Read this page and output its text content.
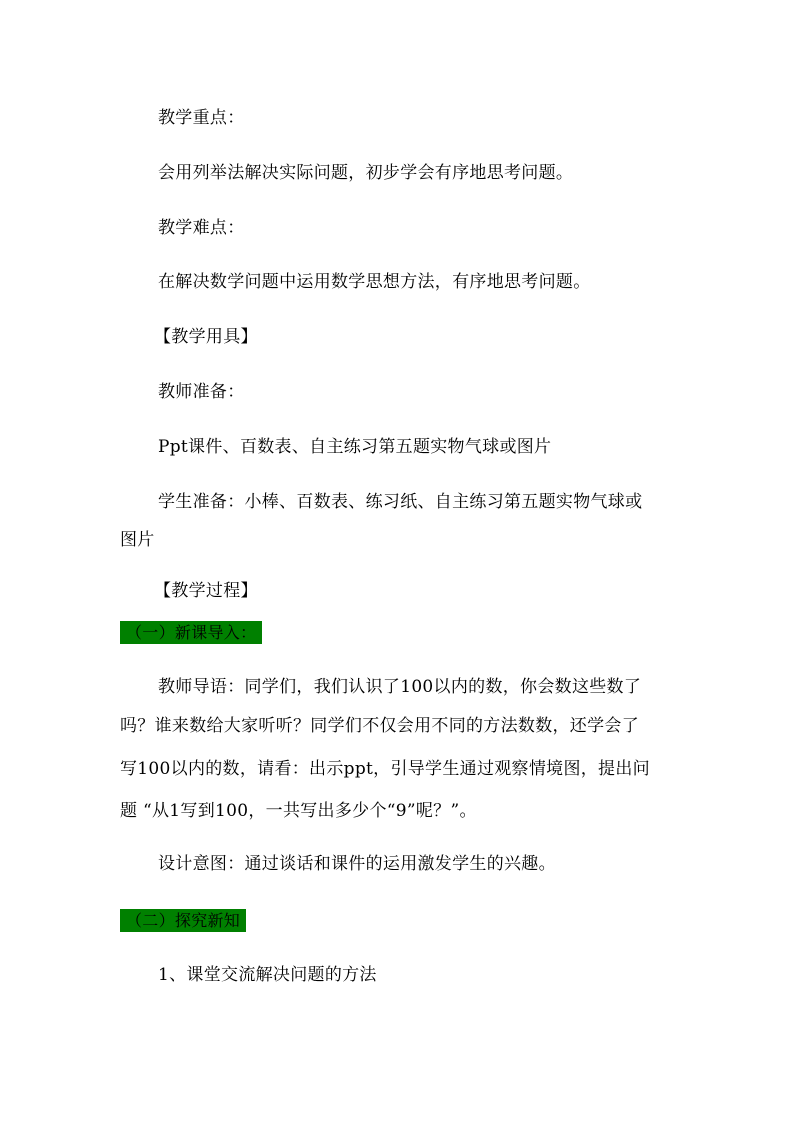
教学重点：
会用列举法解决实际问题，初步学会有序地思考问题。
教学难点：
在解决数学问题中运用数学思想方法，有序地思考问题。
【教学用具】
教师准备：
Ppt课件、百数表、自主练习第五题实物气球或图片
学生准备：小棒、百数表、练习纸、自主练习第五题实物气球或
图片
【教学过程】
（一）新课导入：
教师导语：同学们，我们认识了100以内的数，你会数这些数了
吗？谁来数给大家听听？同学们不仅会用不同的方法数数，还学会了
写100以内的数，请看：出示ppt，引导学生通过观察情境图，提出问
题 “从1写到100，一共写出多少个“9”呢？”。
设计意图：通过谈话和课件的运用激发学生的兴趣。
（二）探究新知
1、课堂交流解决问题的方法
